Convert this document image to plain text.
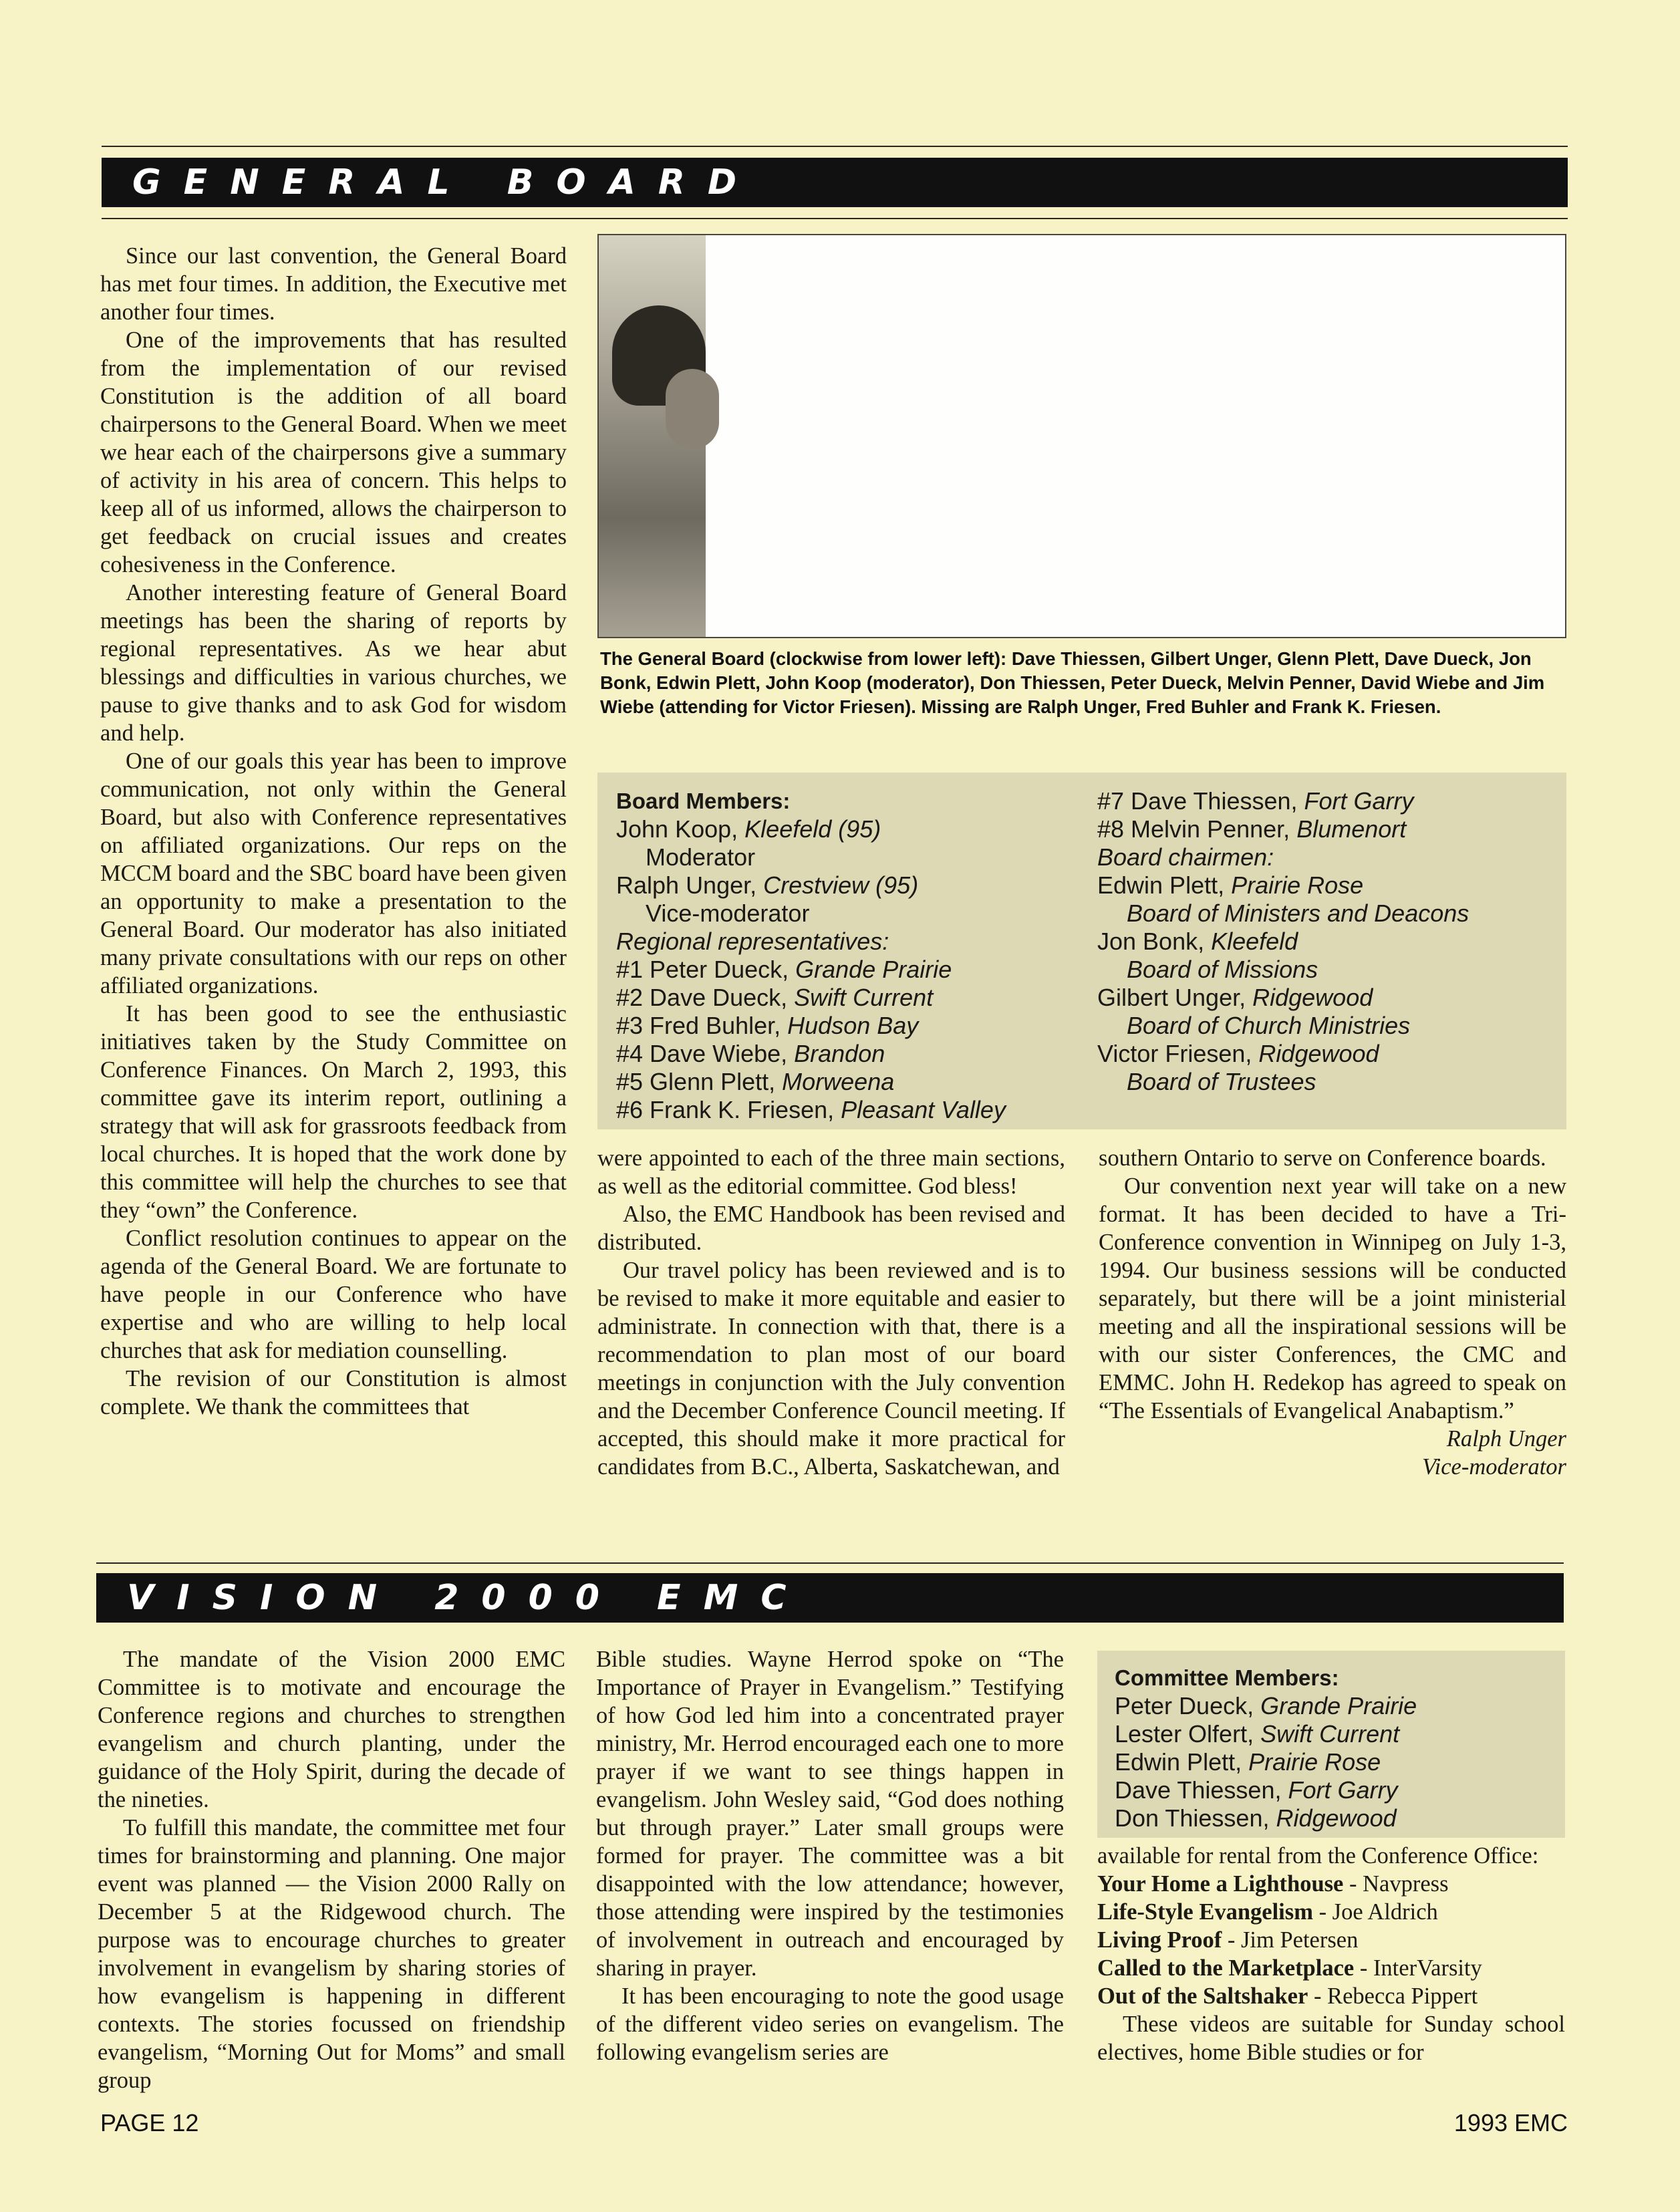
GENERAL BOARD

Since our last convention, the General Board has met four times. In addition, the Executive met another four times.

One of the improvements that has resulted from the implementation of our revised Constitution is the addition of all board chairpersons to the General Board. When we meet we hear each of the chairpersons give a summary of activity in his area of concern. This helps to keep all of us informed, allows the chairperson to get feedback on crucial issues and creates cohesiveness in the Conference.

Another interesting feature of General Board meetings has been the sharing of reports by regional representatives. As we hear abut blessings and difficulties in various churches, we pause to give thanks and to ask God for wisdom and help.

One of our goals this year has been to improve communication, not only within the General Board, but also with Conference representatives on affiliated organizations. Our reps on the MCCM board and the SBC board have been given an opportunity to make a presentation to the General Board. Our moderator has also initiated many private consultations with our reps on other affiliated organizations.

It has been good to see the enthusiastic initiatives taken by the Study Committee on Conference Finances. On March 2, 1993, this committee gave its interim report, outlining a strategy that will ask for grassroots feedback from local churches. It is hoped that the work done by this committee will help the churches to see that they “own” the Conference.

Conflict resolution continues to appear on the agenda of the General Board. We are fortunate to have people in our Conference who have expertise and who are willing to help local churches that ask for mediation counselling.

The revision of our Constitution is almost complete. We thank the committees that

The General Board (clockwise from lower left): Dave Thiessen, Gilbert Unger, Glenn Plett, Dave Dueck, Jon Bonk, Edwin Plett, John Koop (moderator), Don Thiessen, Peter Dueck, Melvin Penner, David Wiebe and Jim Wiebe (attending for Victor Friesen). Missing are Ralph Unger, Fred Buhler and Frank K. Friesen.
Board Members:
John Koop, Kleefeld (95)
Moderator
Ralph Unger, Crestview (95)
Vice-moderator
Regional representatives:
#1 Peter Dueck, Grande Prairie
#2 Dave Dueck, Swift Current
#3 Fred Buhler, Hudson Bay
#4 Dave Wiebe, Brandon
#5 Glenn Plett, Morweena
#6 Frank K. Friesen, Pleasant Valley
#7 Dave Thiessen, Fort Garry
#8 Melvin Penner, Blumenort
Board chairmen:
Edwin Plett, Prairie Rose
Board of Ministers and Deacons
Jon Bonk, Kleefeld
Board of Missions
Gilbert Unger, Ridgewood
Board of Church Ministries
Victor Friesen, Ridgewood
Board of Trustees

were appointed to each of the three main sections, as well as the editorial committee. God bless!

Also, the EMC Handbook has been revised and distributed.

Our travel policy has been reviewed and is to be revised to make it more equitable and easier to administrate. In connection with that, there is a recommendation to plan most of our board meetings in conjunction with the July convention and the December Conference Council meeting. If accepted, this should make it more practical for candidates from B.C., Alberta, Saskatchewan, and

southern Ontario to serve on Conference boards.

Our convention next year will take on a new format. It has been decided to have a Tri-Conference convention in Winnipeg on July 1-3, 1994. Our business sessions will be conducted separately, but there will be a joint ministerial meeting and all the inspirational sessions will be with our sister Conferences, the CMC and EMMC. John H. Redekop has agreed to speak on “The Essentials of Evangelical Anabaptism.”

Ralph Unger

Vice-moderator

VISION 2000 EMC

The mandate of the Vision 2000 EMC Committee is to motivate and encourage the Conference regions and churches to strengthen evangelism and church planting, under the guidance of the Holy Spirit, during the decade of the nineties.

To fulfill this mandate, the committee met four times for brainstorming and planning. One major event was planned — the Vision 2000 Rally on December 5 at the Ridgewood church. The purpose was to encourage churches to greater involvement in evangelism by sharing stories of how evangelism is happening in different contexts. The stories focussed on friendship evangelism, “Morning Out for Moms” and small group

Bible studies. Wayne Herrod spoke on “The Importance of Prayer in Evangelism.” Testifying of how God led him into a concentrated prayer ministry, Mr. Herrod encouraged each one to more prayer if we want to see things happen in evangelism. John Wesley said, “God does nothing but through prayer.” Later small groups were formed for prayer. The committee was a bit disappointed with the low attendance; however, those attending were inspired by the testimonies of involvement in outreach and encouraged by sharing in prayer.

It has been encouraging to note the good usage of the different video series on evangelism. The following evangelism series are

Committee Members:
Peter Dueck, Grande Prairie
Lester Olfert, Swift Current
Edwin Plett, Prairie Rose
Dave Thiessen, Fort Garry
Don Thiessen, Ridgewood

available for rental from the Conference Office:

Your Home a Lighthouse - Navpress

Life-Style Evangelism - Joe Aldrich

Living Proof - Jim Petersen

Called to the Marketplace - InterVarsity

Out of the Saltshaker - Rebecca Pippert

These videos are suitable for Sunday school electives, home Bible studies or for

PAGE 12	1993 EMC
